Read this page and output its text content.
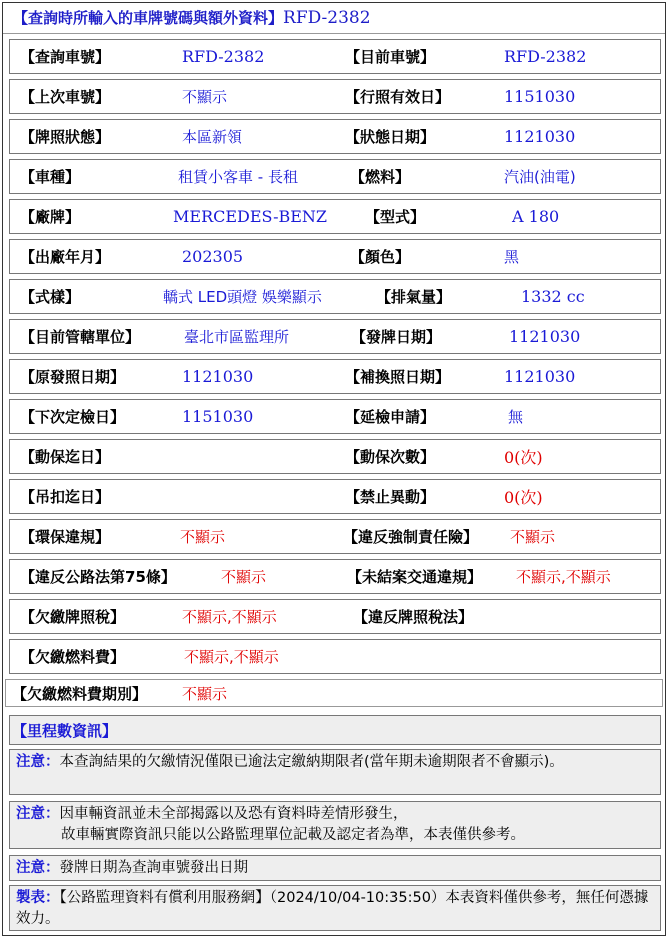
【查詢時所輸入的車牌號碼與額外資料】RFD-2382
【查詢車號】	RFD-2382	【目前車號】	RFD-2382
【上次車號】	不顯示	【行照有效日】	1151030
【牌照狀態】	本區新領	【狀態日期】	1121030
【車種】	租賃小客車 - 長租	【燃料】	汽油(油電)
【廠牌】	MERCEDES-BENZ	【型式】	A 180
【出廠年月】	202305	【顏色】	黑
【式樣】	轎式 LED頭燈 娛樂顯示	【排氣量】	1332 cc
【目前管轄單位】	臺北市區監理所	【發牌日期】	1121030
【原發照日期】	1121030	【補換照日期】	1121030
【下次定檢日】	1151030	【延檢申請】	無
【動保迄日】	【動保次數】	0(次)
【吊扣迄日】	【禁止異動】	0(次)
【環保違規】	不顯示	【違反強制責任險】 不顯示
【違反公路法第75條】	不顯示	【未結案交通違規】 不顯示,不顯示
【欠繳牌照稅】	不顯示,不顯示	【違反牌照稅法】
【欠繳燃料費】	不顯示,不顯示
【欠繳燃料費期別】 不顯示
【里程數資訊】
注意：本查詢結果的欠繳情況僅限已逾法定繳納期限者(當年期未逾期限者不會顯示)。
注意：因車輛資訊並未全部揭露以及恐有資料時差情形發生，
故車輛實際資訊只能以公路監理單位記載及認定者為準，本表僅供參考。
注意：發牌日期為查詢車號發出日期
製表：【公路監理資料有償利用服務網】（2024/10/04-10:35:50）本表資料僅供參考，無任何憑據效力。
